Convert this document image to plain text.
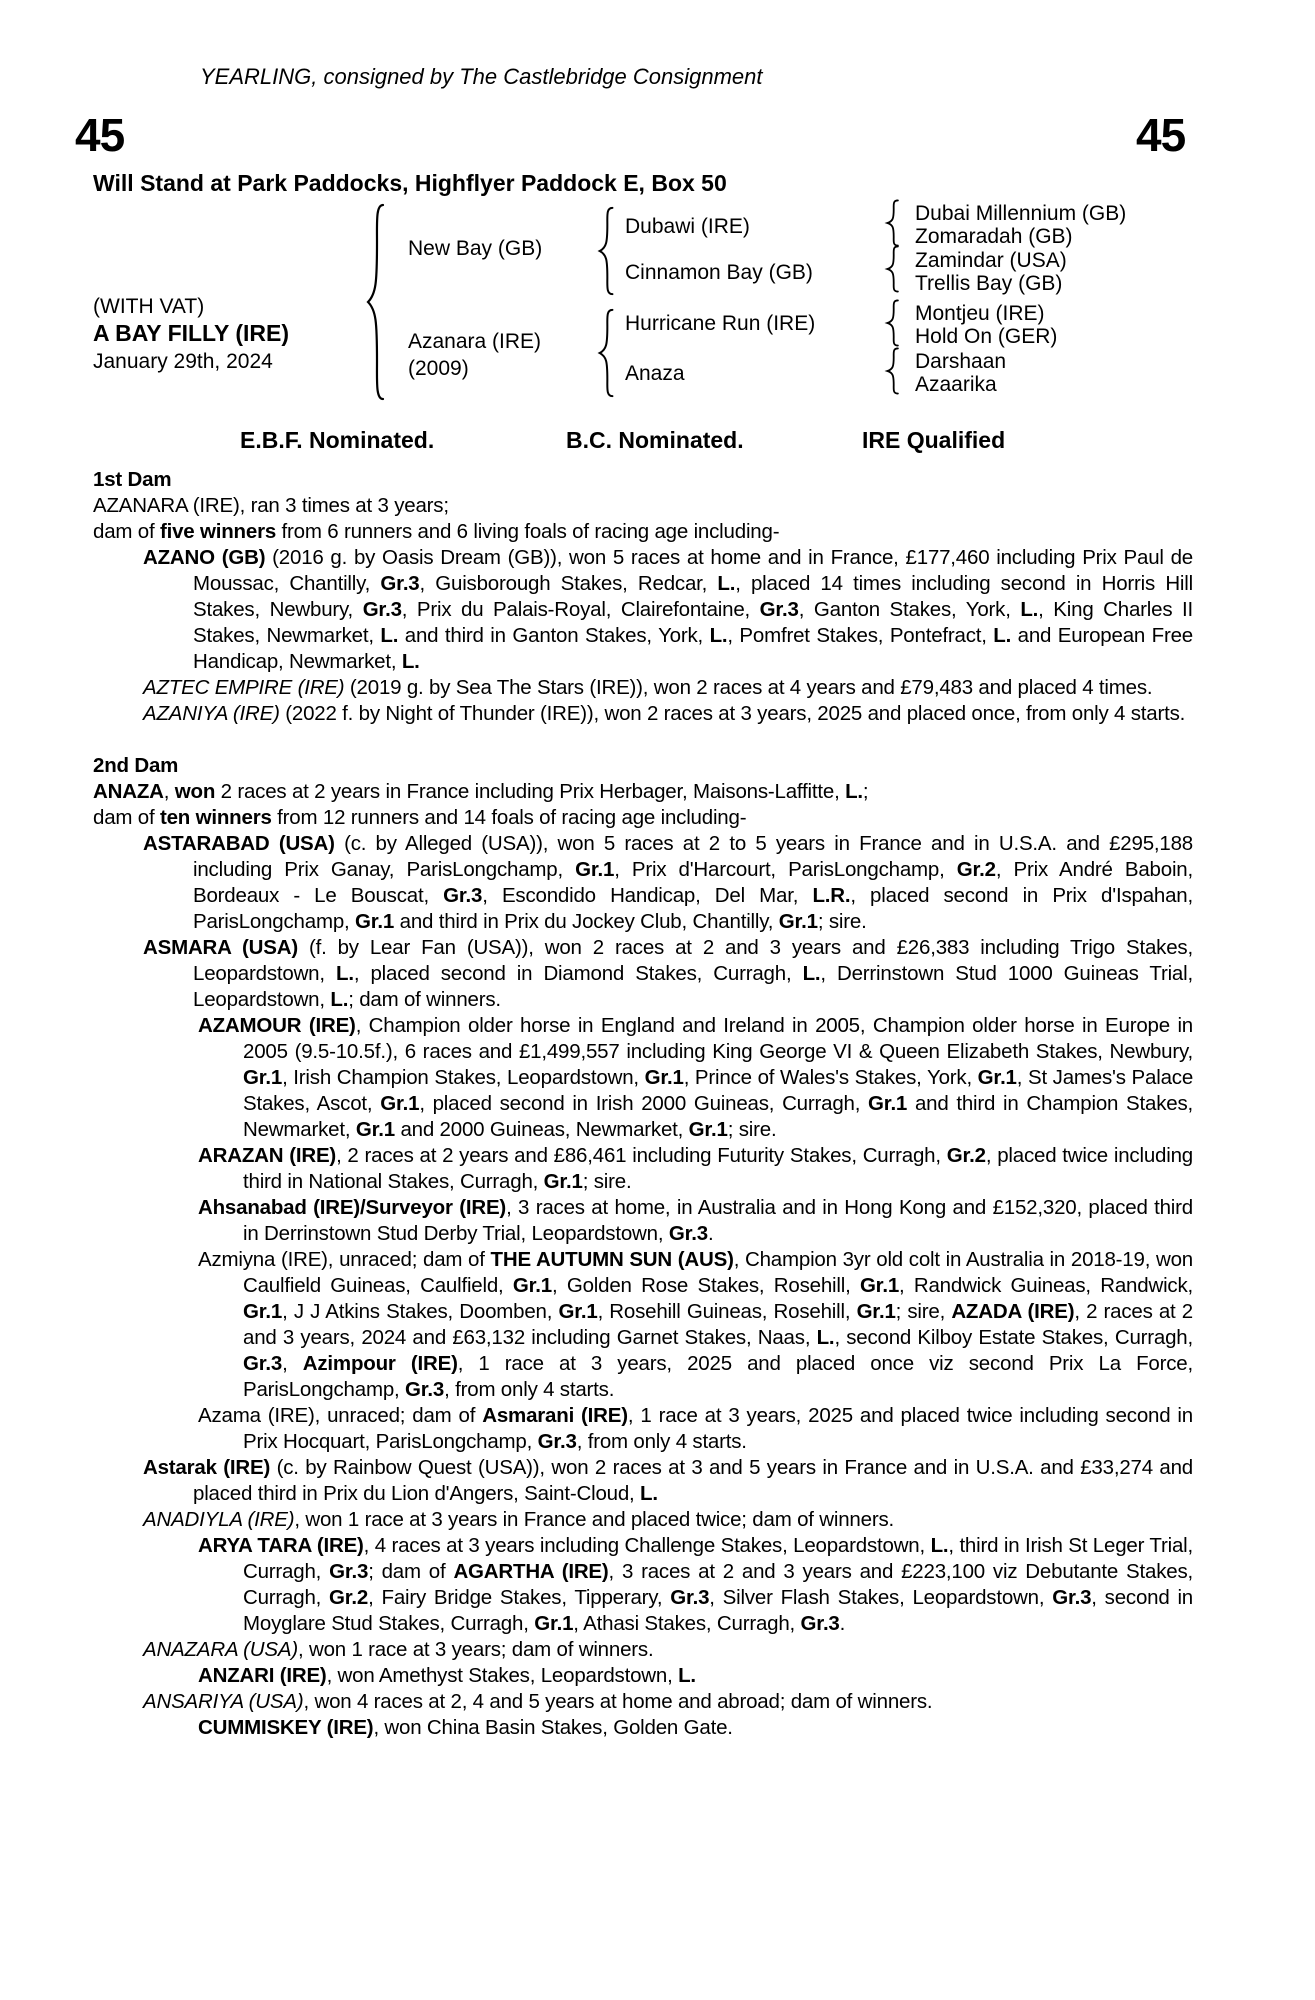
YEARLING, consigned by The Castlebridge Consignment
45	45
Will Stand at Park Paddocks, Highflyer Paddock E, Box 50
(WITH VAT)
A BAY FILLY (IRE)
January 29th, 2024
New Bay (GB)
Azanara (IRE)
(2009)
Dubawi (IRE)
Cinnamon Bay (GB)
Hurricane Run (IRE)
Anaza
Dubai Millennium (GB)
Zomaradah (GB)
Zamindar (USA)
Trellis Bay (GB)
Montjeu (IRE)
Hold On (GER)
Darshaan
Azaarika
E.B.F. Nominated.	B.C. Nominated.	IRE Qualified
1st Dam

AZANARA (IRE), ran 3 times at 3 years;

dam of five winners from 6 runners and 6 living foals of racing age including-

AZANO (GB) (2016 g. by Oasis Dream (GB)), won 5 races at home and in France, £177,460 including Prix Paul de Moussac, Chantilly, Gr.3, Guisborough Stakes, Redcar, L., placed 14 times including second in Horris Hill Stakes, Newbury, Gr.3, Prix du Palais-Royal, Clairefontaine, Gr.3, Ganton Stakes, York, L., King Charles II Stakes, Newmarket, L. and third in Ganton Stakes, York, L., Pomfret Stakes, Pontefract, L. and European Free Handicap, Newmarket, L.

AZTEC EMPIRE (IRE) (2019 g. by Sea The Stars (IRE)), won 2 races at 4 years and £79,483 and placed 4 times.

AZANIYA (IRE) (2022 f. by Night of Thunder (IRE)), won 2 races at 3 years, 2025 and placed once, from only 4 starts.

2nd Dam

ANAZA, won 2 races at 2 years in France including Prix Herbager, Maisons-Laffitte, L.;

dam of ten winners from 12 runners and 14 foals of racing age including-

ASTARABAD (USA) (c. by Alleged (USA)), won 5 races at 2 to 5 years in France and in U.S.A. and £295,188 including Prix Ganay, ParisLongchamp, Gr.1, Prix d'Harcourt, ParisLongchamp, Gr.2, Prix André Baboin, Bordeaux - Le Bouscat, Gr.3, Escondido Handicap, Del Mar, L.R., placed second in Prix d'Ispahan, ParisLongchamp, Gr.1 and third in Prix du Jockey Club, Chantilly, Gr.1; sire.

ASMARA (USA) (f. by Lear Fan (USA)), won 2 races at 2 and 3 years and £26,383 including Trigo Stakes, Leopardstown, L., placed second in Diamond Stakes, Curragh, L., Derrinstown Stud 1000 Guineas Trial, Leopardstown, L.; dam of winners.

AZAMOUR (IRE), Champion older horse in England and Ireland in 2005, Champion older horse in Europe in 2005 (9.5-10.5f.), 6 races and £1,499,557 including King George VI & Queen Elizabeth Stakes, Newbury, Gr.1, Irish Champion Stakes, Leopardstown, Gr.1, Prince of Wales's Stakes, York, Gr.1, St James's Palace Stakes, Ascot, Gr.1, placed second in Irish 2000 Guineas, Curragh, Gr.1 and third in Champion Stakes, Newmarket, Gr.1 and 2000 Guineas, Newmarket, Gr.1; sire.

ARAZAN (IRE), 2 races at 2 years and £86,461 including Futurity Stakes, Curragh, Gr.2, placed twice including third in National Stakes, Curragh, Gr.1; sire.

Ahsanabad (IRE)/Surveyor (IRE), 3 races at home, in Australia and in Hong Kong and £152,320, placed third in Derrinstown Stud Derby Trial, Leopardstown, Gr.3.

Azmiyna (IRE), unraced; dam of THE AUTUMN SUN (AUS), Champion 3yr old colt in Australia in 2018-19, won Caulfield Guineas, Caulfield, Gr.1, Golden Rose Stakes, Rosehill, Gr.1, Randwick Guineas, Randwick, Gr.1, J J Atkins Stakes, Doomben, Gr.1, Rosehill Guineas, Rosehill, Gr.1; sire, AZADA (IRE), 2 races at 2 and 3 years, 2024 and £63,132 including Garnet Stakes, Naas, L., second Kilboy Estate Stakes, Curragh, Gr.3, Azimpour (IRE), 1 race at 3 years, 2025 and placed once viz second Prix La Force, ParisLongchamp, Gr.3, from only 4 starts.

Azama (IRE), unraced; dam of Asmarani (IRE), 1 race at 3 years, 2025 and placed twice including second in Prix Hocquart, ParisLongchamp, Gr.3, from only 4 starts.

Astarak (IRE) (c. by Rainbow Quest (USA)), won 2 races at 3 and 5 years in France and in U.S.A. and £33,274 and placed third in Prix du Lion d'Angers, Saint-Cloud, L.

ANADIYLA (IRE), won 1 race at 3 years in France and placed twice; dam of winners.

ARYA TARA (IRE), 4 races at 3 years including Challenge Stakes, Leopardstown, L., third in Irish St Leger Trial, Curragh, Gr.3; dam of AGARTHA (IRE), 3 races at 2 and 3 years and £223,100 viz Debutante Stakes, Curragh, Gr.2, Fairy Bridge Stakes, Tipperary, Gr.3, Silver Flash Stakes, Leopardstown, Gr.3, second in Moyglare Stud Stakes, Curragh, Gr.1, Athasi Stakes, Curragh, Gr.3.

ANAZARA (USA), won 1 race at 3 years; dam of winners.

ANZARI (IRE), won Amethyst Stakes, Leopardstown, L.

ANSARIYA (USA), won 4 races at 2, 4 and 5 years at home and abroad; dam of winners.

CUMMISKEY (IRE), won China Basin Stakes, Golden Gate.
